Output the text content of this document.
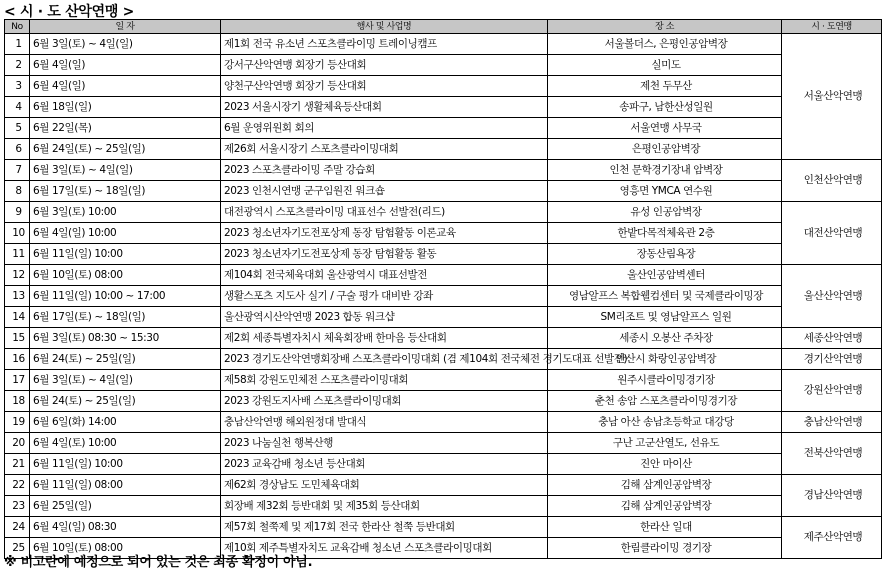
< 시 · 도 산악연맹 >
No	일 자	행사 및 사업명	장 소	시 · 도연맹
1	6월 3일(토) ~ 4일(일)	제1회 전국 유소년 스포츠클라이밍 트레이닝캠프	서울볼더스, 은평인공암벽장	서울산악연맹
2	6월 4일(일)	강서구산악연맹 회장기 등산대회	실미도	
3	6월 4일(일)	양천구산악연맹 회장기 등산대회	제천 두무산	
4	6월 18일(일)	2023 서울시장기 생활체육등산대회	송파구, 남한산성일원	
5	6월 22일(목)	6월 운영위원회 회의	서울연맹 사무국	
6	6월 24일(토) ~ 25일(일)	제26회 서울시장기 스포츠클라이밍대회	은평인공암벽장	
7	6월 3일(토) ~ 4일(일)	2023 스포츠클라이밍 주말 강습회	인천 문학경기장내 암벽장	인천산악연맹
8	6월 17일(토) ~ 18일(일)	2023 인천시연맹 군구임원진 워크숍	영흥면 YMCA 연수원	
9	6월 3일(토) 10:00	대전광역시 스포츠클라이밍 대표선수 선발전(리드)	유성 인공암벽장	대전산악연맹
10	6월 4일(일) 10:00	2023 청소년자기도전포상제 동장 탐험활동 이론교육	한밭다목적체육관 2층	
11	6월 11일(일) 10:00	2023 청소년자기도전포상제 동장 탐험활동 활동	장동산림욕장	
12	6월 10일(토) 08:00	제104회 전국체육대회 울산광역시 대표선발전	울산인공암벽센터	울산산악연맹
13	6월 11일(일) 10:00 ~ 17:00	생활스포츠 지도사 실기 / 구술 평가 대비반 강좌	영남알프스 복합웰컴센터 및 국제클라이밍장	
14	6월 17일(토) ~ 18일(일)	울산광역시산악연맹 2023 합동 워크샵	SM리조트 및 영남알프스 일원	
15	6월 3일(토) 08:30 ~ 15:30	제2회 세종특별자치시 체육회장배 한마음 등산대회	세종시 오봉산 주차장	세종산악연맹
16	6월 24(토) ~ 25일(일)	2023 경기도산악연맹회장배 스포츠클라이밍대회 (겸 제104회 전국체전 경기도대표 선발전)	안산시 화랑인공암벽장	경기산악연맹
17	6월 3일(토) ~ 4일(일)	제58회 강원도민체전 스포츠클라이밍대회	원주시클라이밍경기장	강원산악연맹
18	6월 24(토) ~ 25일(일)	2023 강원도지사배 스포츠클라이밍대회	춘천 송암 스포츠클라이밍경기장	
19	6월 6일(화) 14:00	충남산악연맹 해외원정대 발대식	충남 아산 송남초등학교 대강당	충남산악연맹
20	6월 4일(토) 10:00	2023 나눔실천 행복산행	구난 고군산열도, 선유도	전북산악연맹
21	6월 11일(일) 10:00	2023 교육감배 청소년 등산대회	진안 마이산	
22	6월 11일(일) 08:00	제62회 경상남도 도민체육대회	김해 삼계인공암벽장	경남산악연맹
23	6월 25일(일)	회장배 제32회 등반대회 및 제35회 등산대회	김해 삼계인공암벽장	
24	6월 4일(일) 08:30	제57회 철쭉제 및 제17회 전국 한라산 철쭉 등반대회	한라산 일대	제주산악연맹
25	6월 10일(토) 08:00	제10회 제주특별자치도 교육감배 청소년 스포츠클라이밍대회	한림클라이밍 경기장	
※ 비고란에 예정으로 되어 있는 것은 최종 확정이 아님.
